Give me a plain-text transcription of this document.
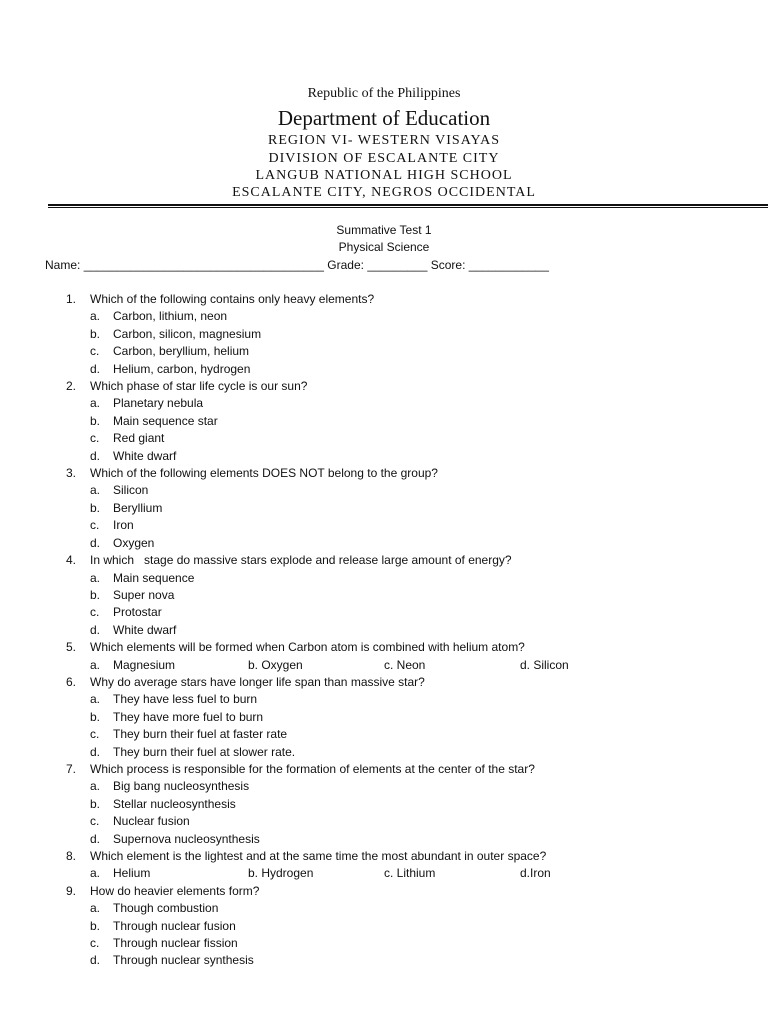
Republic of the Philippines
Department of Education
REGION VI- WESTERN VISAYAS
DIVISION OF ESCALANTE CITY
LANGUB NATIONAL HIGH SCHOOL
ESCALANTE CITY, NEGROS OCCIDENTAL
Summative Test 1
Physical Science
Name: ____________________________________ Grade: _________ Score: ____________
1.	Which of the following contains only heavy elements?
a.	Carbon, lithium, neon
b.	Carbon, silicon, magnesium
c.	Carbon, beryllium, helium
d.	Helium, carbon, hydrogen
2.	Which phase of star life cycle is our sun?
a.	Planetary nebula
b.	Main sequence star
c.	Red giant
d.	White dwarf
3.	Which of the following elements DOES NOT belong to the group?
a.	Silicon
b.	Beryllium
c.	Iron
d.	Oxygen
4.	In which   stage do massive stars explode and release large amount of energy?
a.	Main sequence
b.	Super nova
c.	Protostar
d.	White dwarf
5.	Which elements will be formed when Carbon atom is combined with helium atom?
a.	Magnesium	b. Oxygen	c. Neon	d. Silicon
6.	Why do average stars have longer life span than massive star?
a.	They have less fuel to burn
b.	They have more fuel to burn
c.	They burn their fuel at faster rate
d.	They burn their fuel at slower rate.
7.	Which process is responsible for the formation of elements at the center of the star?
a.	Big bang nucleosynthesis
b.	Stellar nucleosynthesis
c.	Nuclear fusion
d.	Supernova nucleosynthesis
8.	Which element is the lightest and at the same time the most abundant in outer space?
a.	Helium	b. Hydrogen	c. Lithium	d.Iron
9.	How do heavier elements form?
a.	Though combustion
b.	Through nuclear fusion
c.	Through nuclear fission
d.	Through nuclear synthesis
